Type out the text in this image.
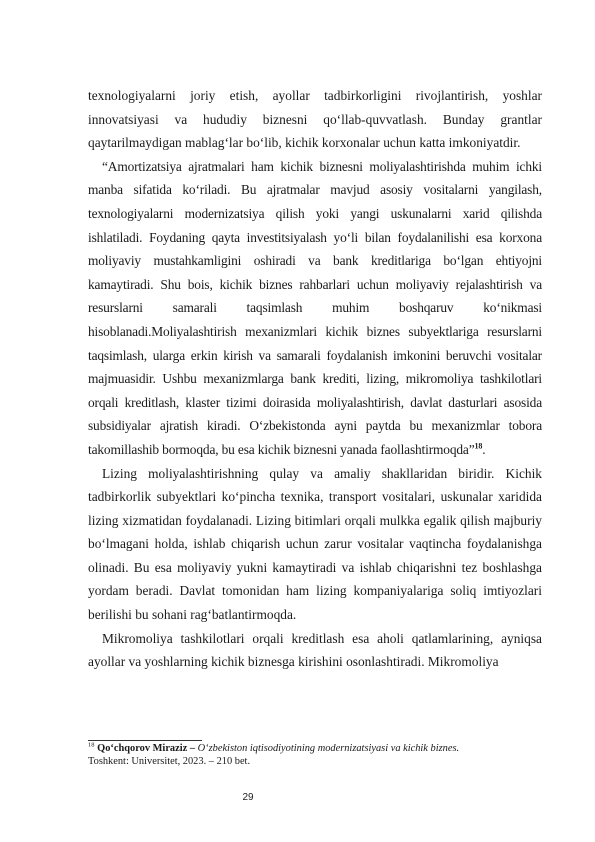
texnologiyalarni joriy etish, ayollar tadbirkorligini rivojlantirish, yoshlar innovatsiyasi va hududiy biznesni qo‘llab-quvvatlash. Bunday grantlar qaytarilmaydigan mablag‘lar bo‘lib, kichik korxonalar uchun katta imkoniyatdir.

“Amortizatsiya ajratmalari ham kichik biznesni moliyalashtirishda muhim ichki manba sifatida ko‘riladi. Bu ajratmalar mavjud asosiy vositalarni yangilash, texnologiyalarni modernizatsiya qilish yoki yangi uskunalarni xarid qilishda ishlatiladi. Foydaning qayta investitsiyalash yo‘li bilan foydalanilishi esa korxona moliyaviy mustahkamligini oshiradi va bank kreditlariga bo‘lgan ehtiyojni kamaytiradi. Shu bois, kichik biznes rahbarlari uchun moliyaviy rejalashtirish va resurslarni samarali taqsimlash muhim boshqaruv ko‘nikmasi hisoblanadi.Moliyalashtirish mexanizmlari kichik biznes subyektlariga resurslarni taqsimlash, ularga erkin kirish va samarali foydalanish imkonini beruvchi vositalar majmuasidir. Ushbu mexanizmlarga bank krediti, lizing, mikromoliya tashkilotlari orqali kreditlash, klaster tizimi doirasida moliyalashtirish, davlat dasturlari asosida subsidiyalar ajratish kiradi. O‘zbekistonda ayni paytda bu mexanizmlar tobora takomillashib bormoqda, bu esa kichik biznesni yanada faollashtirmoqda”$^{18}$.

Lizing moliyalashtirishning qulay va amaliy shakllaridan biridir. Kichik tadbirkorlik subyektlari ko‘pincha texnika, transport vositalari, uskunalar xaridida lizing xizmatidan foydalanadi. Lizing bitimlari orqali mulkka egalik qilish majburiy bo‘lmagani holda, ishlab chiqarish uchun zarur vositalar vaqtincha foydalanishga olinadi. Bu esa moliyaviy yukni kamaytiradi va ishlab chiqarishni tez boshlashga yordam beradi. Davlat tomonidan ham lizing kompaniyalariga soliq imtiyozlari berilishi bu sohani rag‘batlantirmoqda.

Mikromoliya tashkilotlari orqali kreditlash esa aholi qatlamlarining, ayniqsa ayollar va yoshlarning kichik biznesga kirishini osonlashtiradi. Mikromoliya

$^{18}$ Qo‘chqorov Miraziz – O‘zbekiston iqtisodiyotining modernizatsiyasi va kichik biznes.
Toshkent: Universitet, 2023. – 210 bet.
29
